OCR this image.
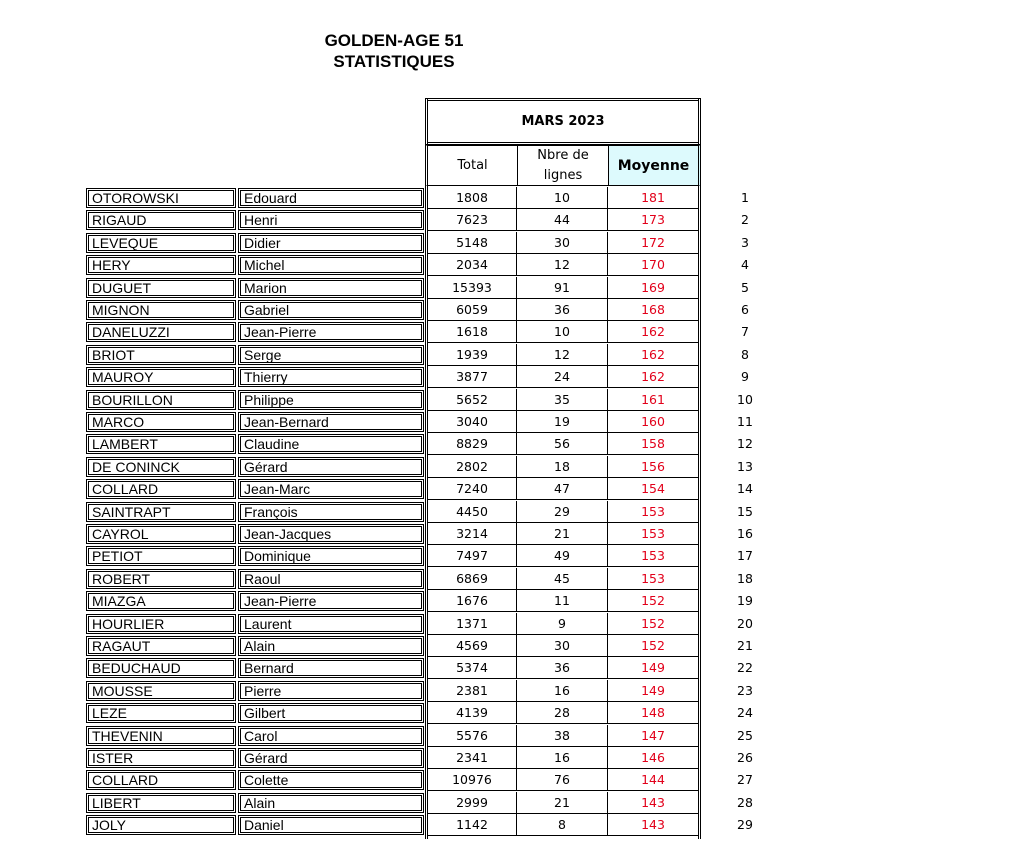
GOLDEN-AGE 51
STATISTIQUES
MARS 2023
Total
Nbre de
lignes
Moyenne
OTOROWSKI	Edouard	1808	10	181	1
RIGAUD	Henri	7623	44	173	2
LEVEQUE	Didier	5148	30	172	3
HERY	Michel	2034	12	170	4
DUGUET	Marion	15393	91	169	5
MIGNON	Gabriel	6059	36	168	6
DANELUZZI	Jean-Pierre	1618	10	162	7
BRIOT	Serge	1939	12	162	8
MAUROY	Thierry	3877	24	162	9
BOURILLON	Philippe	5652	35	161	10
MARCO	Jean-Bernard	3040	19	160	11
LAMBERT	Claudine	8829	56	158	12
DE CONINCK	Gérard	2802	18	156	13
COLLARD	Jean-Marc	7240	47	154	14
SAINTRAPT	François	4450	29	153	15
CAYROL	Jean-Jacques	3214	21	153	16
PETIOT	Dominique	7497	49	153	17
ROBERT	Raoul	6869	45	153	18
MIAZGA	Jean-Pierre	1676	11	152	19
HOURLIER	Laurent	1371	9	152	20
RAGAUT	Alain	4569	30	152	21
BEDUCHAUD	Bernard	5374	36	149	22
MOUSSE	Pierre	2381	16	149	23
LEZE	Gilbert	4139	28	148	24
THEVENIN	Carol	5576	38	147	25
ISTER	Gérard	2341	16	146	26
COLLARD	Colette	10976	76	144	27
LIBERT	Alain	2999	21	143	28
JOLY	Daniel	1142	8	143	29
